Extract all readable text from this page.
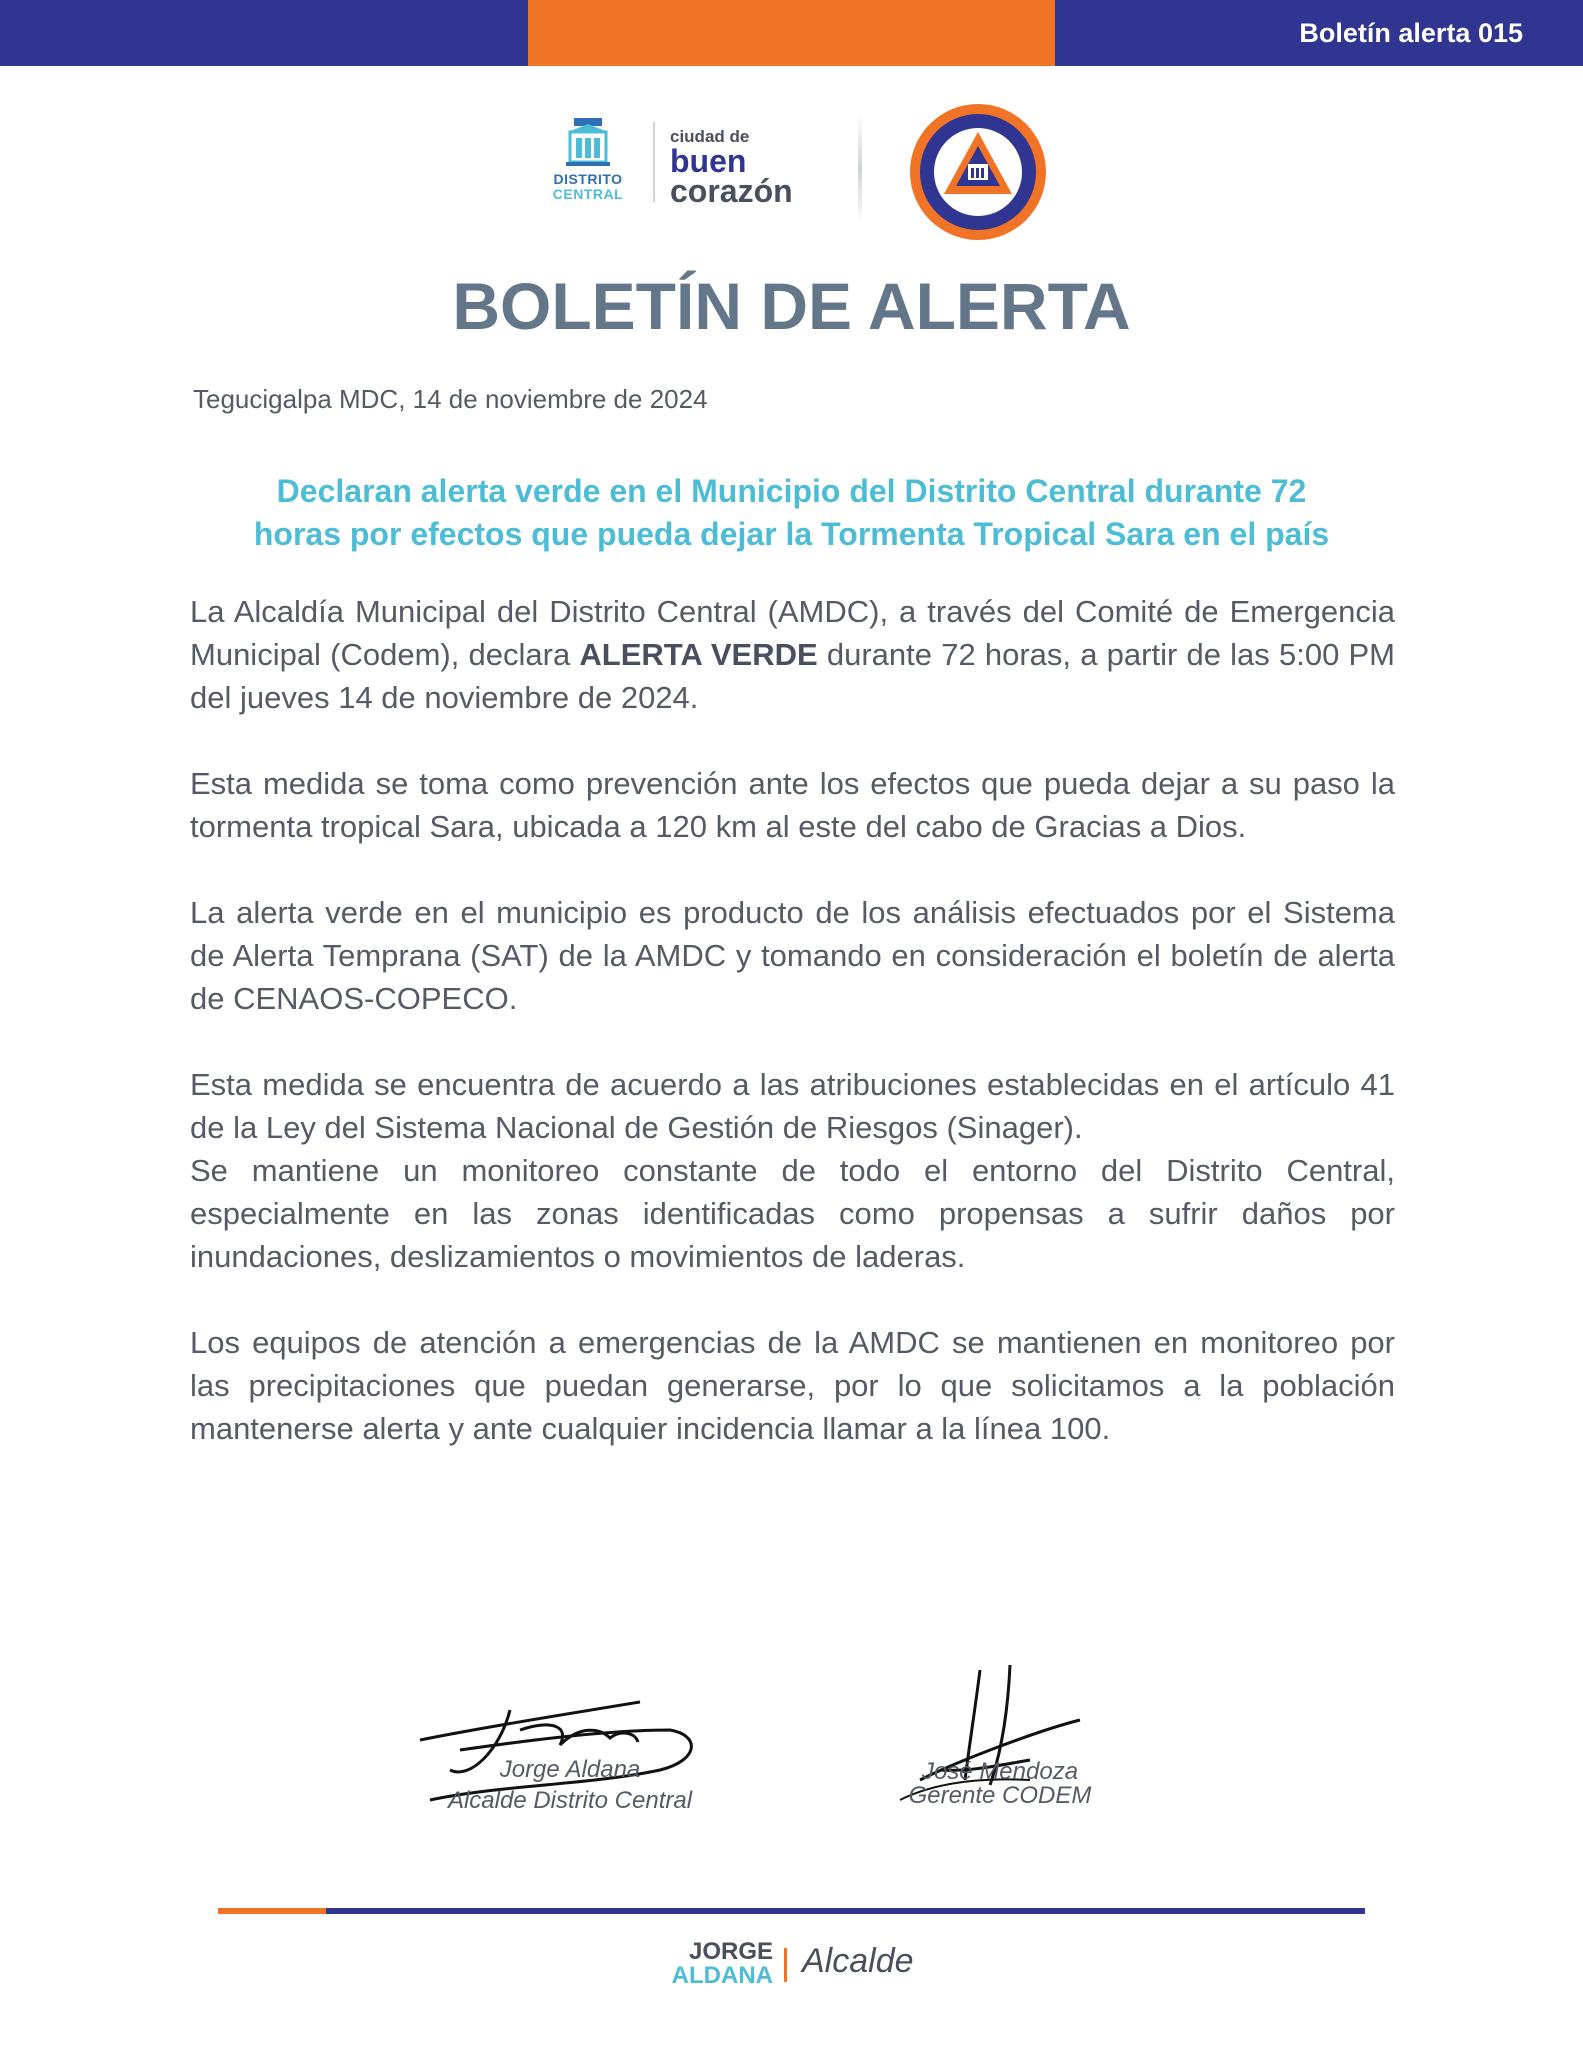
Boletín alerta 015
DISTRITO
CENTRAL
ciudad de
buen
corazón
BOLETÍN DE ALERTA
Tegucigalpa MDC, 14 de noviembre de 2024
Declaran alerta verde en el Municipio del Distrito Central durante 72
horas por efectos que pueda dejar la Tormenta Tropical Sara en el país

La Alcaldía Municipal del Distrito Central (AMDC), a través del Comité de Emergencia Municipal (Codem), declara ALERTA VERDE durante 72 horas, a partir de las 5:00 PM del jueves 14 de noviembre de 2024.

Esta medida se toma como prevención ante los efectos que pueda dejar a su paso la tormenta tropical Sara, ubicada a 120 km al este del cabo de Gracias a Dios.

La alerta verde en el municipio es producto de los análisis efectuados por el Sistema de Alerta Temprana (SAT) de la AMDC y tomando en consideración el boletín de alerta de CENAOS-COPECO.

Esta medida se encuentra de acuerdo a las atribuciones establecidas en el artículo 41 de la Ley del Sistema Nacional de Gestión de Riesgos (Sinager).

Se mantiene un monitoreo constante de todo el entorno del Distrito Central, especialmente en las zonas identificadas como propensas a sufrir daños por inundaciones, deslizamientos o movimientos de laderas.

Los equipos de atención a emergencias de la AMDC se mantienen en monitoreo por las precipitaciones que puedan generarse, por lo que solicitamos a la población mantenerse alerta y ante cualquier incidencia llamar a la línea 100.

Jorge Aldana
Alcalde Distrito Central
José Mendoza
Gerente CODEM
JORGE
ALDANA Alcalde
